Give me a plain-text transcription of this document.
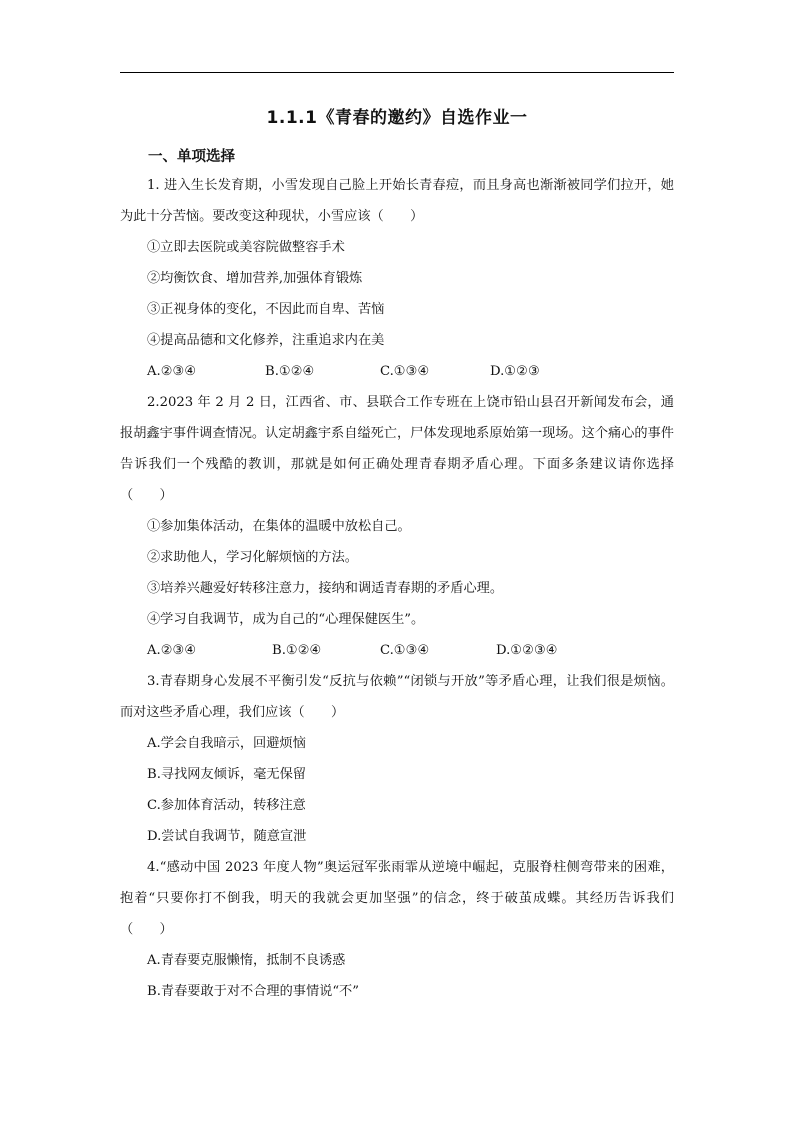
1.1.1《青春的邀约》自选作业一
一、单项选择

1. 进入生长发育期，小雪发现自己脸上开始长青春痘，而且身高也渐渐被同学们拉开，她为此十分苦恼。要改变这种现状，小雪应该（　　）

①立即去医院或美容院做整容手术

②均衡饮食、增加营养,加强体育锻炼

③正视身体的变化，不因此而自卑、苦恼

④提高品德和文化修养，注重追求内在美

A.②③④	B.①②④	C.①③④	D.①②③

2.2023 年 2 月 2 日，江西省、市、县联合工作专班在上饶市铅山县召开新闻发布会，通报胡鑫宇事件调查情况。认定胡鑫宇系自缢死亡，尸体发现地系原始第一现场。这个痛心的事件告诉我们一个残酷的教训，那就是如何正确处理青春期矛盾心理。下面多条建议请你选择（　　）

①参加集体活动，在集体的温暖中放松自己。

②求助他人，学习化解烦恼的方法。

③培养兴趣爱好转移注意力，接纳和调适青春期的矛盾心理。

④学习自我调节，成为自己的“心理保健医生”。

A.②③④	B.①②④	C.①③④	D.①②③④

3.青春期身心发展不平衡引发“反抗与依赖”“闭锁与开放”等矛盾心理，让我们很是烦恼。而对这些矛盾心理，我们应该（　　）

A.学会自我暗示，回避烦恼

B.寻找网友倾诉，毫无保留

C.参加体育活动，转移注意

D.尝试自我调节，随意宣泄

4.“感动中国 2023 年度人物”奥运冠军张雨霏从逆境中崛起，克服脊柱侧弯带来的困难，抱着“只要你打不倒我，明天的我就会更加坚强”的信念，终于破茧成蝶。其经历告诉我们（　　）

A.青春要克服懒惰，抵制不良诱惑

B.青春要敢于对不合理的事情说“不”
